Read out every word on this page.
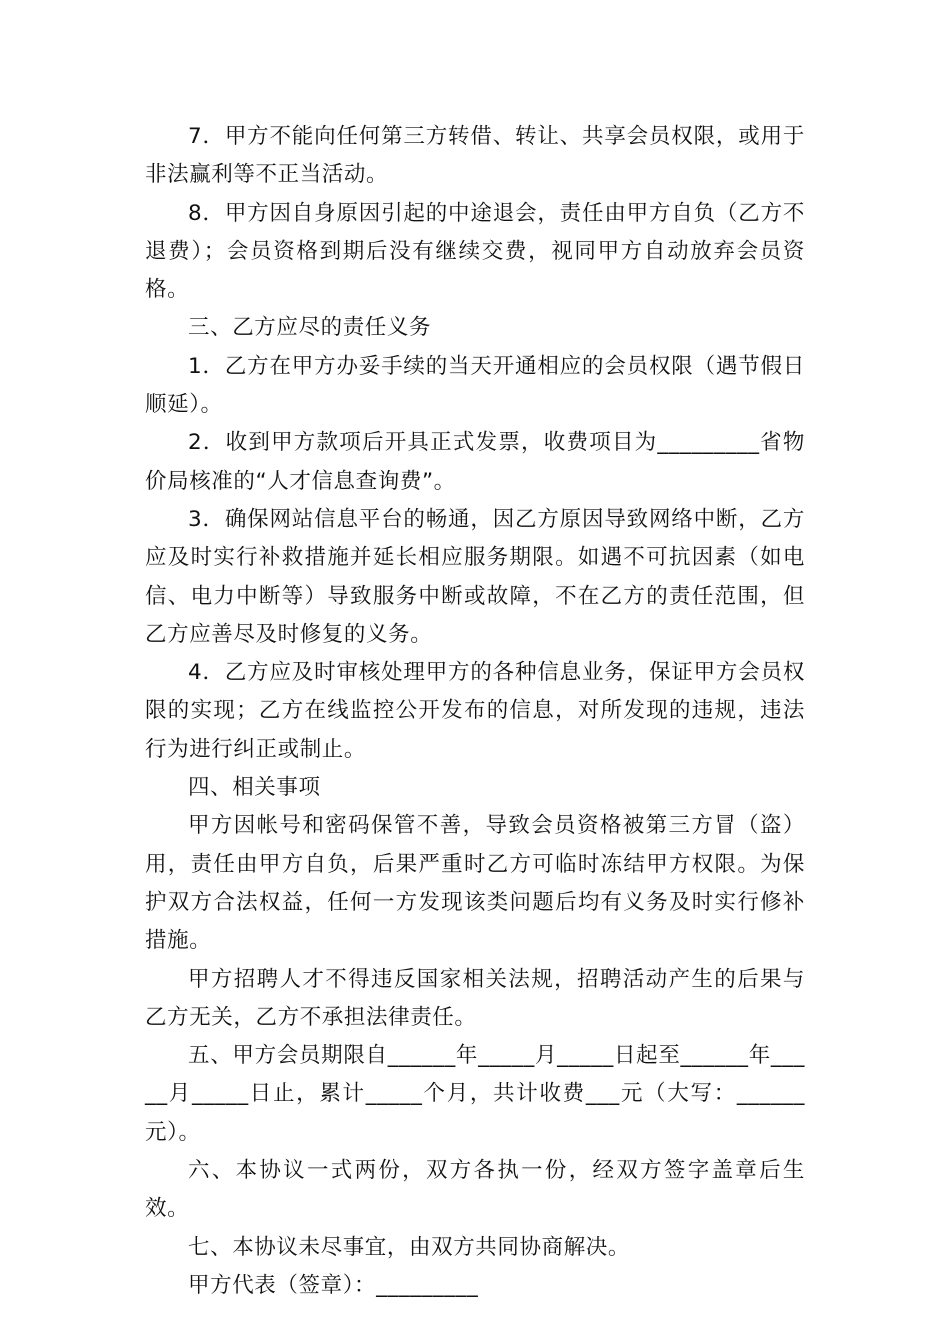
7．甲方不能向任何第三方转借、转让、共享会员权限，或用于非法赢利等不正当活动。

8．甲方因自身原因引起的中途退会，责任由甲方自负（乙方不退费）；会员资格到期后没有继续交费，视同甲方自动放弃会员资格。

三、乙方应尽的责任义务

1．乙方在甲方办妥手续的当天开通相应的会员权限（遇节假日顺延）。

2．收到甲方款项后开具正式发票，收费项目为_________省物价局核准的“人才信息查询费”。

3．确保网站信息平台的畅通，因乙方原因导致网络中断，乙方应及时实行补救措施并延长相应服务期限。如遇不可抗因素（如电信、电力中断等）导致服务中断或故障，不在乙方的责任范围，但乙方应善尽及时修复的义务。

4．乙方应及时审核处理甲方的各种信息业务，保证甲方会员权限的实现；乙方在线监控公开发布的信息，对所发现的违规，违法行为进行纠正或制止。

四、相关事项

甲方因帐号和密码保管不善，导致会员资格被第三方冒（盗）用，责任由甲方自负，后果严重时乙方可临时冻结甲方权限。为保护双方合法权益，任何一方发现该类问题后均有义务及时实行修补措施。

甲方招聘人才不得违反国家相关法规，招聘活动产生的后果与乙方无关，乙方不承担法律责任。

五、甲方会员期限自______年_____月_____日起至______年_____月_____日止，累计_____个月，共计收费___元（大写：______元）。

六、本协议一式两份，双方各执一份，经双方签字盖章后生效。

七、本协议未尽事宜，由双方共同协商解决。

甲方代表（签章）：_________
